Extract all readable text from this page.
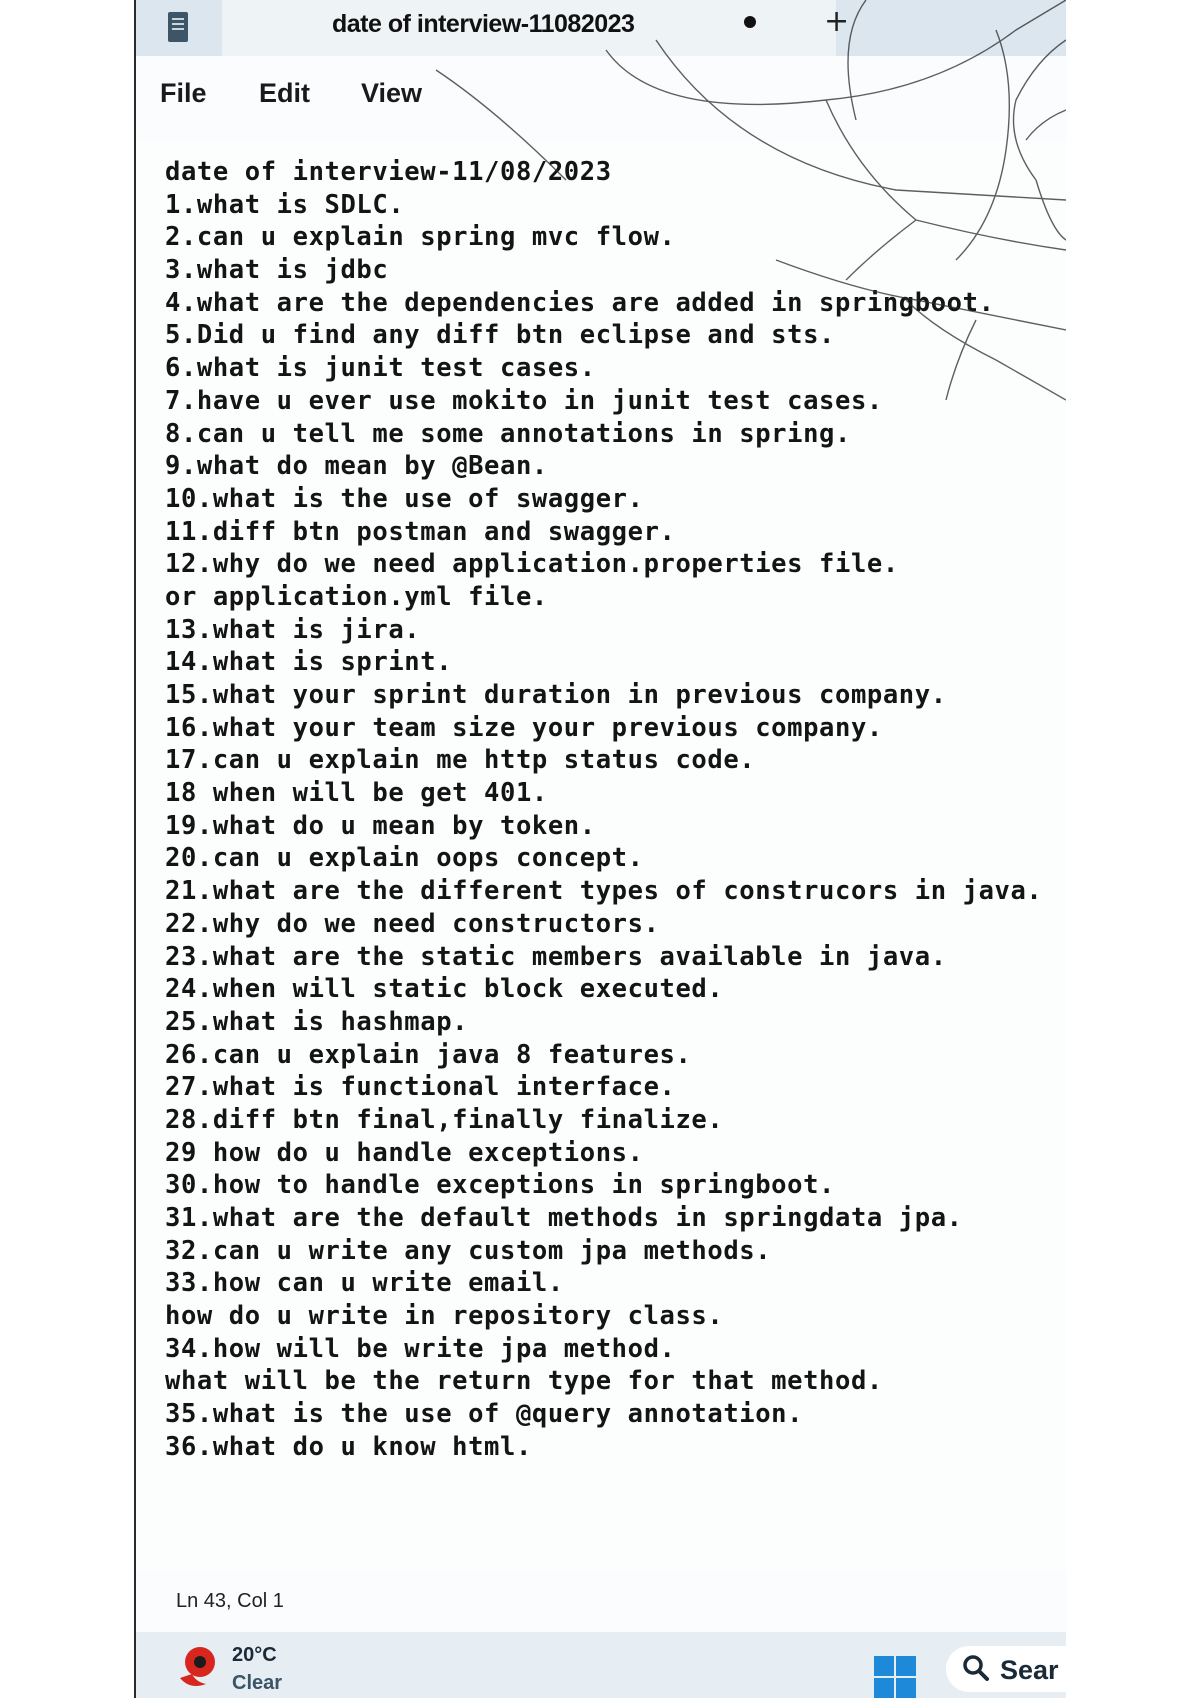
date of interview-11082023	+
File Edit View
date of interview-11/08/2023
1.what is SDLC.
2.can u explain spring mvc flow.
3.what is jdbc
4.what are the dependencies are added in springboot.
5.Did u find any diff btn eclipse and sts.
6.what is junit test cases.
7.have u ever use mokito in junit test cases.
8.can u tell me some annotations in spring.
9.what do mean by @Bean.
10.what is the use of swagger.
11.diff btn postman and swagger.
12.why do we need application.properties file.
or application.yml file.
13.what is jira.
14.what is sprint.
15.what your sprint duration in previous company.
16.what your team size your previous company.
17.can u explain me http status code.
18 when will be get 401.
19.what do u mean by token.
20.can u explain oops concept.
21.what are the different types of construcors in java.
22.why do we need constructors.
23.what are the static members available in java.
24.when will static block executed.
25.what is hashmap.
26.can u explain java 8 features.
27.what is functional interface.
28.diff btn final,finally finalize.
29 how do u handle exceptions.
30.how to handle exceptions in springboot.
31.what are the default methods in springdata jpa.
32.can u write any custom jpa methods.
33.how can u write email.
how do u write in repository class.
34.how will be write jpa method.
what will be the return type for that method.
35.what is the use of @query annotation.
36.what do u know html.
Ln 43, Col 1
20°C
Clear	Sear
